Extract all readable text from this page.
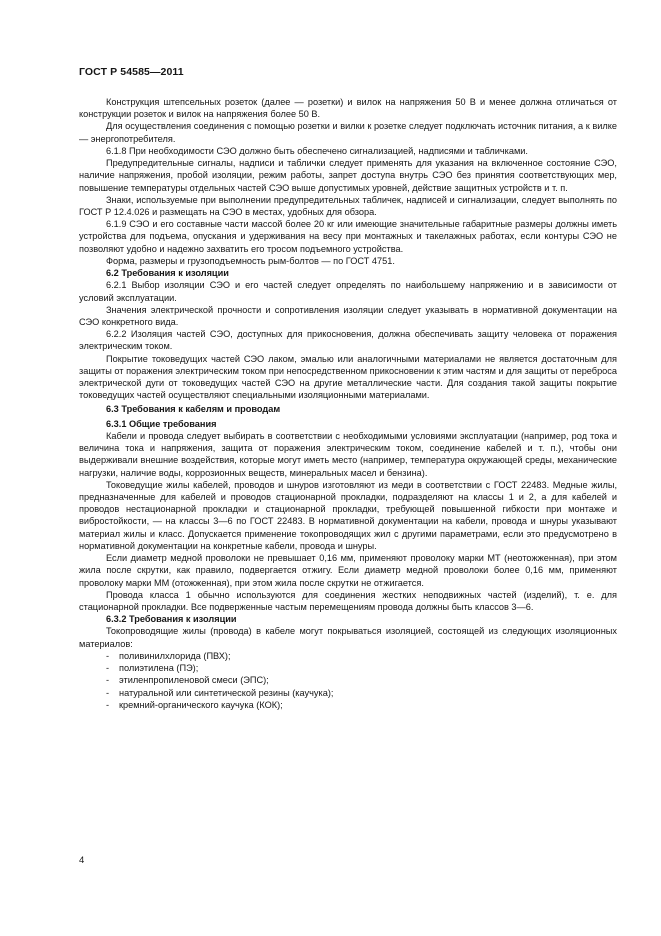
ГОСТ Р 54585—2011

Конструкция штепсельных розеток (далее — розетки) и вилок на напряжения 50 В и менее должна отличаться от конструкции розеток и вилок на напряжения более 50 В.

Для осуществления соединения с помощью розетки и вилки к розетке следует подключать источник питания, а к вилке — энергопотребителя.

6.1.8 При необходимости СЭО должно быть обеспечено сигнализацией, надписями и табличками.

Предупредительные сигналы, надписи и таблички следует применять для указания на включенное состояние СЭО, наличие напряжения, пробой изоляции, режим работы, запрет доступа внутрь СЭО без принятия соответствующих мер, повышение температуры отдельных частей СЭО выше допустимых уровней, действие защитных устройств и т. п.

Знаки, используемые при выполнении предупредительных табличек, надписей и сигнализации, следует выполнять по ГОСТ Р 12.4.026 и размещать на СЭО в местах, удобных для обзора.

6.1.9 СЭО и его составные части массой более 20 кг или имеющие значительные габаритные размеры должны иметь устройства для подъема, опускания и удерживания на весу при монтажных и такелажных работах, если контуры СЭО не позволяют удобно и надежно захватить его тросом подъемного устройства.

Форма, размеры и грузоподъемность рым-болтов — по ГОСТ 4751.

6.2 Требования к изоляции

6.2.1 Выбор изоляции СЭО и его частей следует определять по наибольшему напряжению и в зависимости от условий эксплуатации.

Значения электрической прочности и сопротивления изоляции следует указывать в нормативной документации на СЭО конкретного вида.

6.2.2 Изоляция частей СЭО, доступных для прикосновения, должна обеспечивать защиту человека от поражения электрическим током.

Покрытие токоведущих частей СЭО лаком, эмалью или аналогичными материалами не является достаточным для защиты от поражения электрическим током при непосредственном прикосновении к этим частям и для защиты от переброса электрической дуги от токоведущих частей СЭО на другие металлические части. Для создания такой защиты покрытие токоведущих частей осуществляют специальными изоляционными материалами.

6.3 Требования к кабелям и проводам

6.3.1 Общие требования

Кабели и провода следует выбирать в соответствии с необходимыми условиями эксплуатации (например, род тока и величина тока и напряжения, защита от поражения электрическим током, соединение кабелей и т. п.), чтобы они выдерживали внешние воздействия, которые могут иметь место (например, температура окружающей среды, механические нагрузки, наличие воды, коррозионных веществ, минеральных масел и бензина).

Токоведущие жилы кабелей, проводов и шнуров изготовляют из меди в соответствии с ГОСТ 22483. Медные жилы, предназначенные для кабелей и проводов стационарной прокладки, подразделяют на классы 1 и 2, а для кабелей и проводов нестационарной прокладки и стационарной прокладки, требующей повышенной гибкости при монтаже и вибростойкости, — на классы 3—6 по ГОСТ 22483. В нормативной документации на кабели, провода и шнуры указывают материал жилы и класс. Допускается применение токопроводящих жил с другими параметрами, если это предусмотрено в нормативной документации на конкретные кабели, провода и шнуры.

Если диаметр медной проволоки не превышает 0,16 мм, применяют проволоку марки МТ (неотожженная), при этом жила после скрутки, как правило, подвергается отжигу. Если диаметр медной проволоки более 0,16 мм, применяют проволоку марки ММ (отожженная), при этом жила после скрутки не отжигается.

Провода класса 1 обычно используются для соединения жестких неподвижных частей (изделий), т. е. для стационарной прокладки. Все подверженные частым перемещениям провода должны быть классов 3—6.

6.3.2 Требования к изоляции

Токопроводящие жилы (провода) в кабеле могут покрываться изоляцией, состоящей из следующих изоляционных материалов:

- поливинилхлорида (ПВХ);

- полиэтилена (ПЭ);

- этиленпропиленовой смеси (ЭПС);

- натуральной или синтетической резины (каучука);

- кремний-органического каучука (КОК);

4
